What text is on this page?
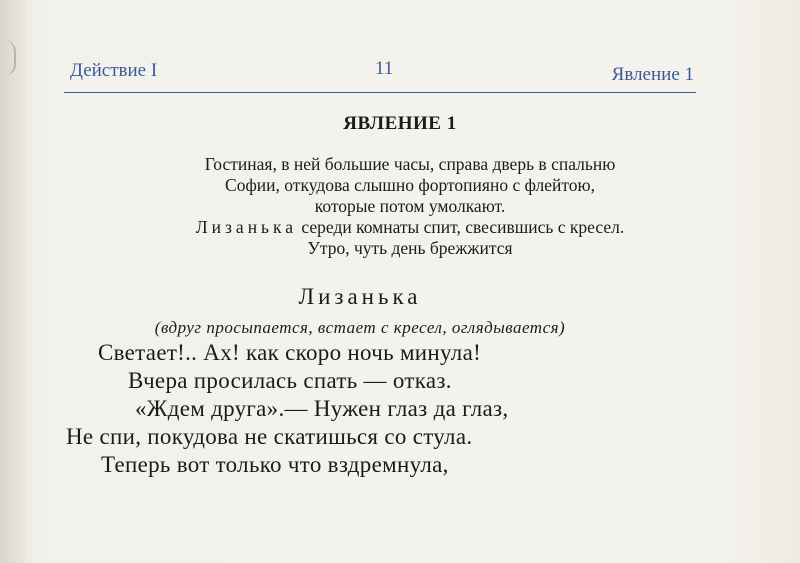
Действие I	11	Явление 1
ЯВЛЕНИЕ 1
Гостиная, в ней большие часы, справа дверь в спальню
Софии, откудова слышно фортопияно с флейтою,
которые потом умолкают.
Лизанька середи комнаты спит, свесившись с кресел.
Утро, чуть день брежжится
Лизанька
(вдруг просыпается, встает с кресел, оглядывается)
Светает!.. Ах! как скоро ночь минула!
Вчера просилась спать — отказ.
«Ждем друга».— Нужен глаз да глаз,
Не спи, покудова не скатишься со стула.
Теперь вот только что вздремнула,
